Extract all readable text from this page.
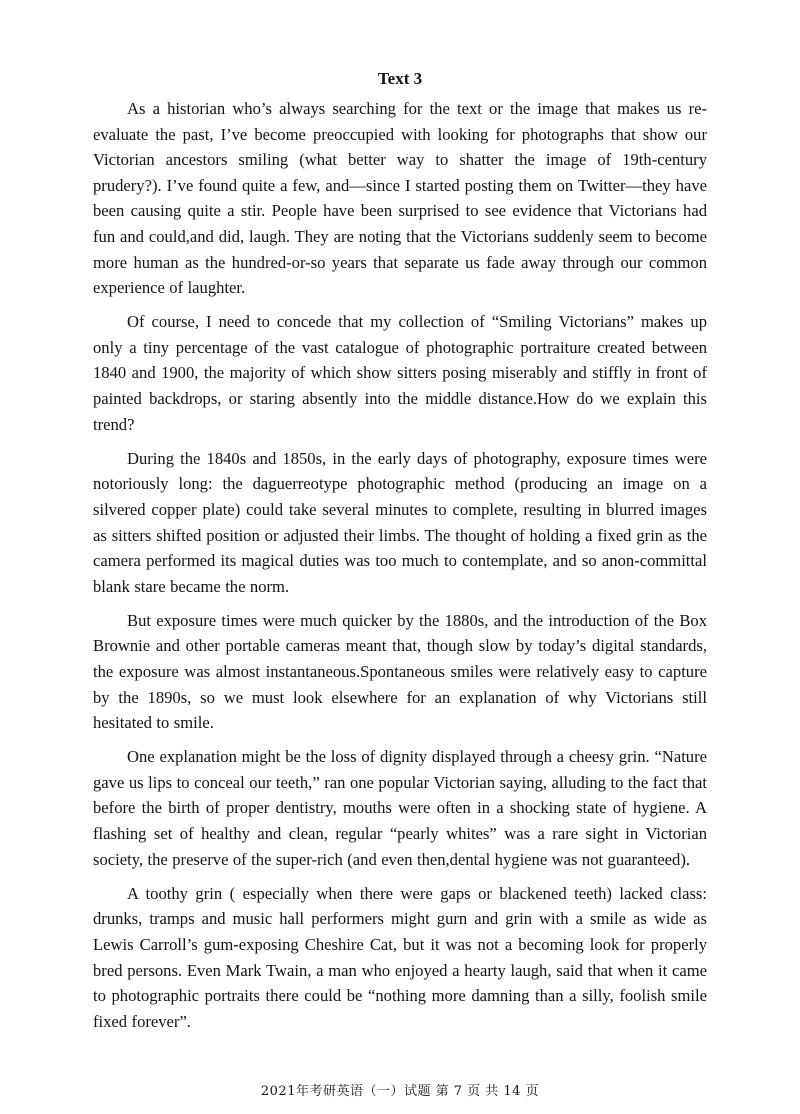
Text 3

As a historian who’s always searching for the text or the image that makes us re-evaluate the past, I’ve become preoccupied with looking for photographs that show our Victorian ancestors smiling (what better way to shatter the image of 19th-century prudery?). I’ve found quite a few, and—since I started posting them on Twitter—they have been causing quite a stir. People have been surprised to see evidence that Victorians had fun and could,and did, laugh. They are noting that the Victorians suddenly seem to become more human as the hundred-or-so years that separate us fade away through our common experience of laughter.

Of course, I need to concede that my collection of “Smiling Victorians” makes up only a tiny percentage of the vast catalogue of photographic portraiture created between 1840 and 1900, the majority of which show sitters posing miserably and stiffly in front of painted backdrops, or staring absently into the middle distance.How do we explain this trend?

During the 1840s and 1850s, in the early days of photography, exposure times were notoriously long: the daguerreotype photographic method (producing an image on a silvered copper plate) could take several minutes to complete, resulting in blurred images as sitters shifted position or adjusted their limbs. The thought of holding a fixed grin as the camera performed its magical duties was too much to contemplate, and so anon-committal blank stare became the norm.

But exposure times were much quicker by the 1880s, and the introduction of the Box Brownie and other portable cameras meant that, though slow by today’s digital standards, the exposure was almost instantaneous.Spontaneous smiles were relatively easy to capture by the 1890s, so we must look elsewhere for an explanation of why Victorians still hesitated to smile.

One explanation might be the loss of dignity displayed through a cheesy grin. “Nature gave us lips to conceal our teeth,” ran one popular Victorian saying, alluding to the fact that before the birth of proper dentistry, mouths were often in a shocking state of hygiene. A flashing set of healthy and clean, regular “pearly whites” was a rare sight in Victorian society, the preserve of the super-rich (and even then,dental hygiene was not guaranteed).

A toothy grin ( especially when there were gaps or blackened teeth) lacked class: drunks, tramps and music hall performers might gurn and grin with a smile as wide as Lewis Carroll’s gum-exposing Cheshire Cat, but it was not a becoming look for properly bred persons. Even Mark Twain, a man who enjoyed a hearty laugh, said that when it came to photographic portraits there could be “nothing more damning than a silly, foolish smile fixed forever”.

2021年考研英语（一）试题 第 7 页 共 14 页
